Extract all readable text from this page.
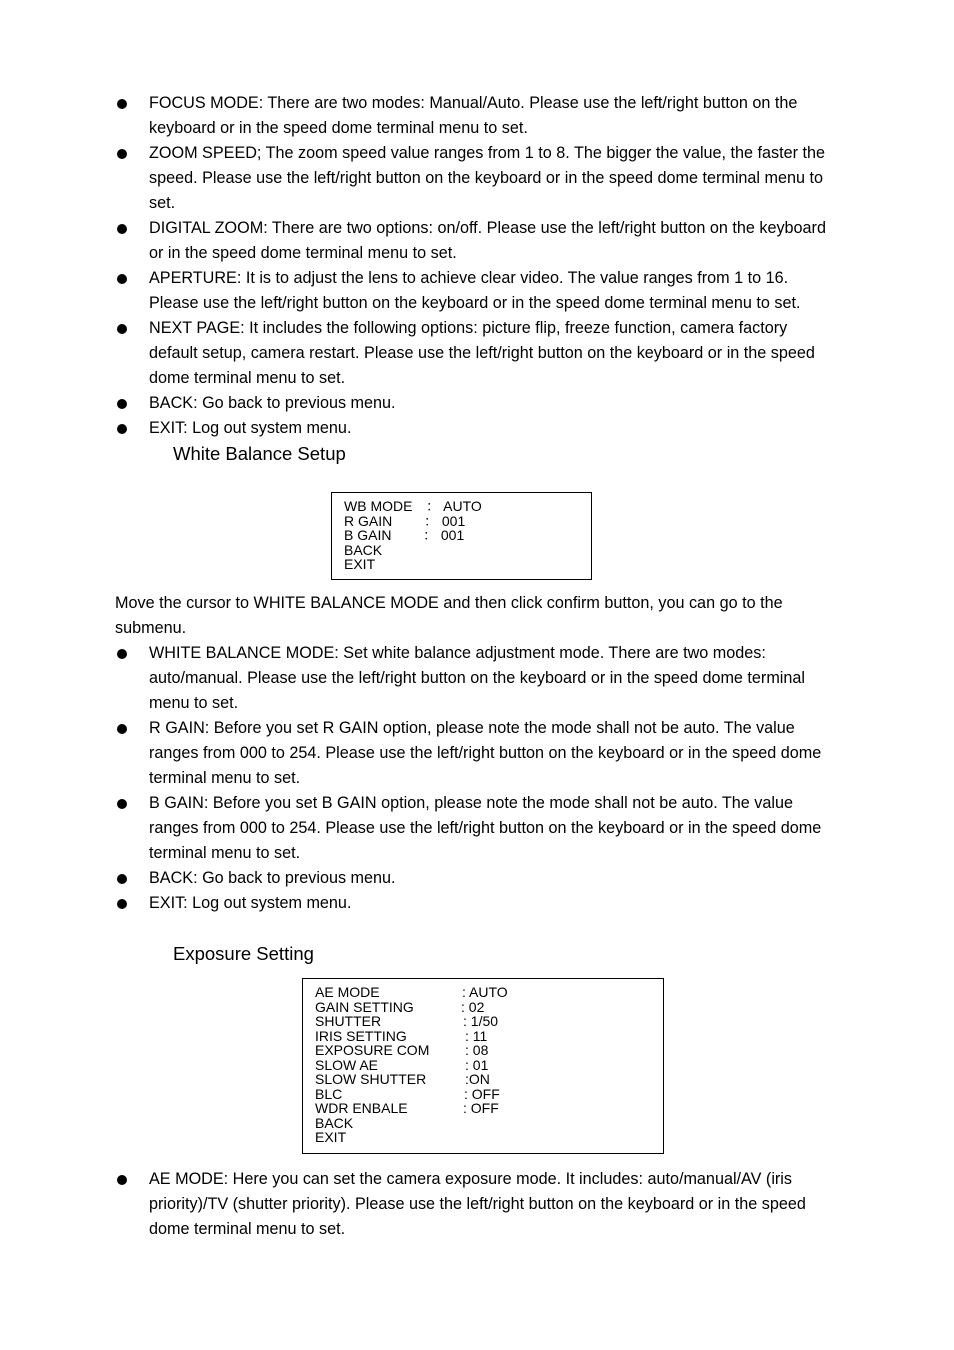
FOCUS MODE: There are two modes: Manual/Auto. Please use the left/right button on the keyboard or in the speed dome terminal menu to set.
ZOOM SPEED; The zoom speed value ranges from 1 to 8. The bigger the value, the faster the speed. Please use the left/right button on the keyboard or in the speed dome terminal menu to set.
DIGITAL ZOOM: There are two options: on/off. Please use the left/right button on the keyboard or in the speed dome terminal menu to set.
APERTURE: It is to adjust the lens to achieve clear video. The value ranges from 1 to 16. Please use the left/right button on the keyboard or in the speed dome terminal menu to set.
NEXT PAGE: It includes the following options: picture flip, freeze function, camera factory default setup, camera restart. Please use the left/right button on the keyboard or in the speed dome terminal menu to set.
BACK: Go back to previous menu.
EXIT: Log out system menu.
White Balance Setup
WB MODE ： AUTO
R GAIN ： 001
B GAIN ： 001
BACK
EXIT
Move the cursor to WHITE BALANCE MODE and then click confirm button, you can go to the submenu.
WHITE BALANCE MODE: Set white balance adjustment mode. There are two modes: auto/manual. Please use the left/right button on the keyboard or in the speed dome terminal menu to set.
R GAIN: Before you set R GAIN option, please note the mode shall not be auto. The value ranges from 000 to 254. Please use the left/right button on the keyboard or in the speed dome terminal menu to set.
B GAIN: Before you set B GAIN option, please note the mode shall not be auto. The value ranges from 000 to 254. Please use the left/right button on the keyboard or in the speed dome terminal menu to set.
BACK: Go back to previous menu.
EXIT: Log out system menu.
Exposure Setting
AE MODE	: AUTO
GAIN SETTING	: 02
SHUTTER	: 1/50
IRIS SETTING	: 11
EXPOSURE COM	: 08
SLOW AE	: 01
SLOW SHUTTER	:ON
BLC	: OFF
WDR ENBALE	: OFF
BACK
EXIT
AE MODE: Here you can set the camera exposure mode. It includes: auto/manual/AV (iris priority)/TV (shutter priority). Please use the left/right button on the keyboard or in the speed dome terminal menu to set.
